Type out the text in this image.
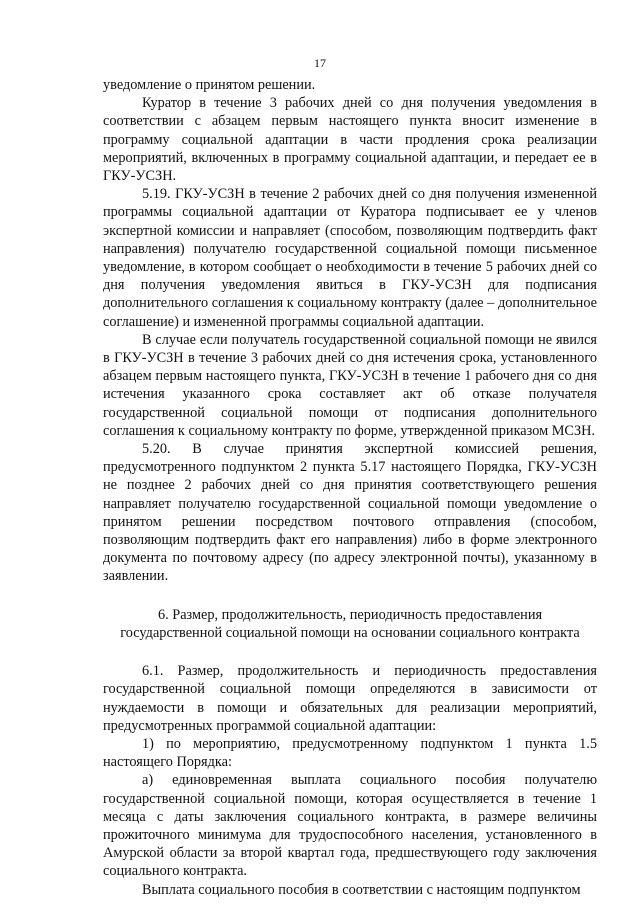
17

уведомление о принятом решении.

Куратор в течение 3 рабочих дней со дня получения уведомления в соответствии с абзацем первым настоящего пункта вносит изменение в программу социальной адаптации в части продления срока реализации мероприятий, включенных в программу социальной адаптации, и передает ее в ГКУ-УСЗН.

5.19. ГКУ-УСЗН в течение 2 рабочих дней со дня получения измененной программы социальной адаптации от Куратора подписывает ее у членов экспертной комиссии и направляет (способом, позволяющим подтвердить факт направления) получателю государственной социальной помощи письменное уведомление, в котором сообщает о необходимости в течение 5 рабочих дней со дня получения уведомления явиться в ГКУ-УСЗН для подписания дополнительного соглашения к социальному контракту (далее – дополнительное соглашение) и измененной программы социальной адаптации.

В случае если получатель государственной социальной помощи не явился в ГКУ-УСЗН в течение 3 рабочих дней со дня истечения срока, установленного абзацем первым настоящего пункта, ГКУ-УСЗН в течение 1 рабочего дня со дня истечения указанного срока составляет акт об отказе получателя государственной социальной помощи от подписания дополнительного соглашения к социальному контракту по форме, утвержденной приказом МСЗН.

5.20. В случае принятия экспертной комиссией решения, предусмотренного подпунктом 2 пункта 5.17 настоящего Порядка, ГКУ-УСЗН не позднее 2 рабочих дней со дня принятия соответствующего решения направляет получателю государственной социальной помощи уведомление о принятом решении посредством почтового отправления (способом, позволяющим подтвердить факт его направления) либо в форме электронного документа по почтовому адресу (по адресу электронной почты), указанному в заявлении.

6. Размер, продолжительность, периодичность предоставления
государственной социальной помощи на основании социального контракта

6.1. Размер, продолжительность и периодичность предоставления государственной социальной помощи определяются в зависимости от нуждаемости в помощи и обязательных для реализации мероприятий, предусмотренных программой социальной адаптации:

1) по мероприятию, предусмотренному подпунктом 1 пункта 1.5 настоящего Порядка:

а) единовременная выплата социального пособия получателю государственной социальной помощи, которая осуществляется в течение 1 месяца с даты заключения социального контракта, в размере величины прожиточного минимума для трудоспособного населения, установленного в Амурской области за второй квартал года, предшествующего году заключения социального контракта.

Выплата социального пособия в соответствии с настоящим подпунктом
